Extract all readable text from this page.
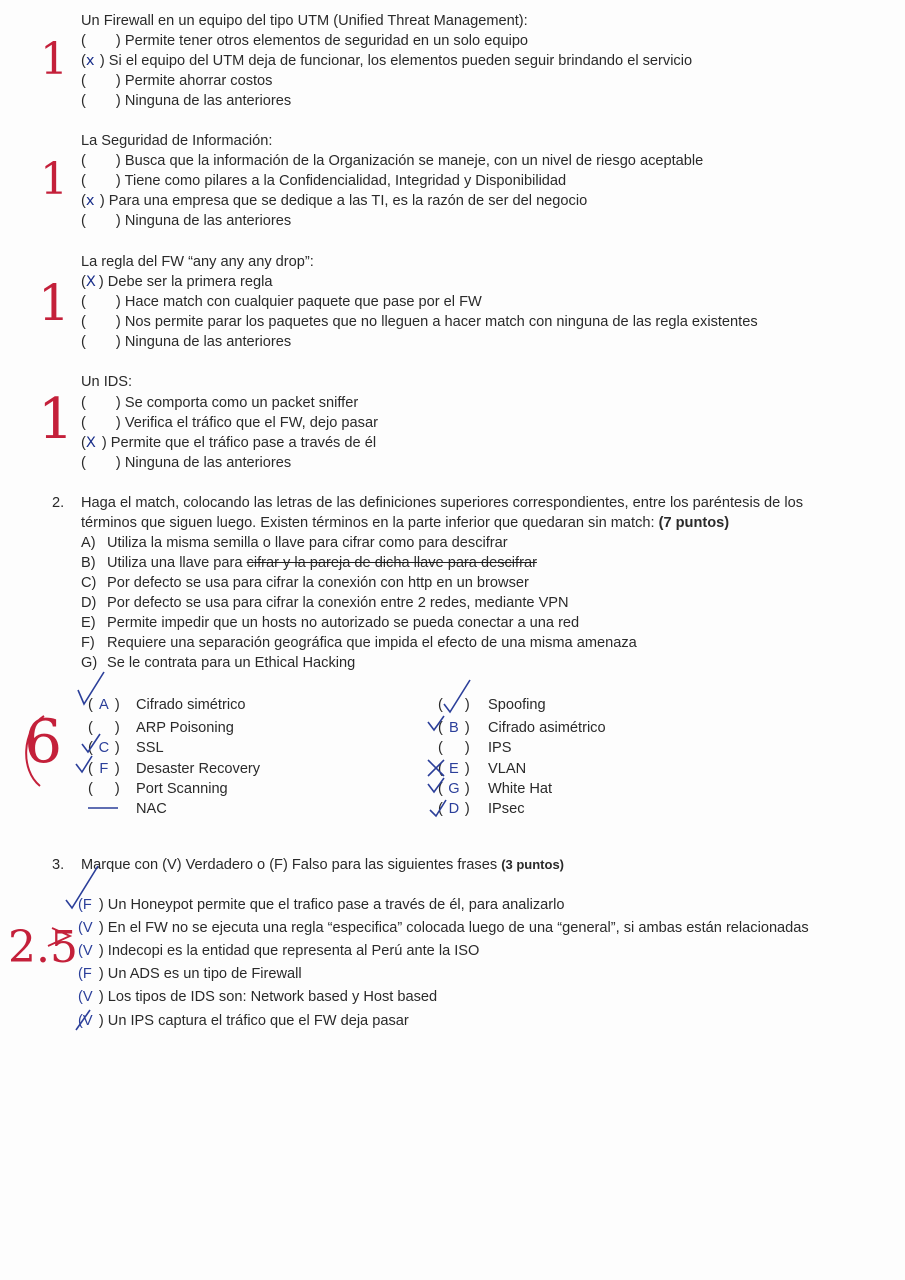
Un Firewall en un equipo del tipo UTM (Unified Threat Management):
( ) Permite tener otros elementos de seguridad en un solo equipo
(x ) Si el equipo del UTM deja de funcionar, los elementos pueden seguir brindando el servicio
( ) Permite ahorrar costos
( ) Ninguna de las anteriores
La Seguridad de Información:
( ) Busca que la información de la Organización se maneje, con un nivel de riesgo aceptable
( ) Tiene como pilares a la Confidencialidad, Integridad y Disponibilidad
(x ) Para una empresa que se dedique a las TI, es la razón de ser del negocio
( ) Ninguna de las anteriores
La regla del FW “any any any drop”:
(X ) Debe ser la primera regla
( ) Hace match con cualquier paquete que pase por el FW
( ) Nos permite parar los paquetes que no lleguen a hacer match con ninguna de las regla existentes
( ) Ninguna de las anteriores
Un IDS:
( ) Se comporta como un packet sniffer
( ) Verifica el tráfico que el FW, dejo pasar
(X ) Permite que el tráfico pase a través de él
( ) Ninguna de las anteriores
1
1
1
1
2. Haga el match, colocando las letras de las definiciones superiores correspondientes, entre los paréntesis de los
términos que siguen luego. Existen términos en la parte inferior que quedaran sin match: (7 puntos)
A) Utiliza la misma semilla o llave para cifrar como para descifrar
B) Utiliza una llave para cifrar y la pareja de dicha llave para descifrar
C) Por defecto se usa para cifrar la conexión con http en un browser
D) Por defecto se usa para cifrar la conexión entre 2 redes, mediante VPN
E) Permite impedir que un hosts no autorizado se pueda conectar a una red
F) Requiere una separación geográfica que impida el efecto de una misma amenaza
G) Se le contrata para un Ethical Hacking
( A ) Cifrado simétrico
( ) ARP Poisoning
( C ) SSL
( F ) Desaster Recovery
( ) Port Scanning
NAC
( ) Spoofing
( B ) Cifrado asimétrico
( ) IPS
( E ) VLAN
( G ) White Hat
( D ) IPsec
6
3. Marque con (V) Verdadero o (F) Falso para las siguientes frases (3 puntos)
(F ) Un Honeypot permite que el trafico pase a través de él, para analizarlo
(V ) En el FW no se ejecuta una regla “especifica” colocada luego de una “general”, si ambas están relacionadas
(V ) Indecopi es la entidad que representa al Perú ante la ISO
(F ) Un ADS es un tipo de Firewall
(V ) Los tipos de IDS son: Network based y Host based
(V ) Un IPS captura el tráfico que el FW deja pasar
2.5
